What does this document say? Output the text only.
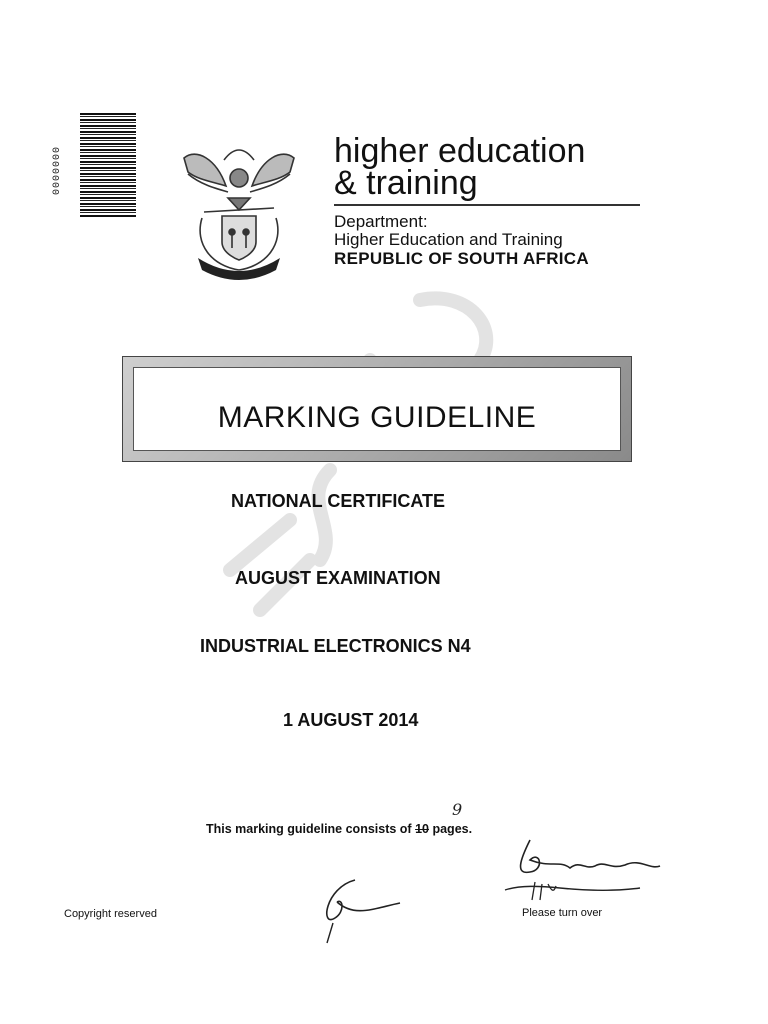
0000000	higher education
& training
Department:
Higher Education and Training
REPUBLIC OF SOUTH AFRICA
MARKING GUIDELINE
NATIONAL CERTIFICATE
AUGUST EXAMINATION
INDUSTRIAL ELECTRONICS N4
1 AUGUST 2014
This marking guideline consists of 10 pages.
9
Copyright reserved	Please turn over
